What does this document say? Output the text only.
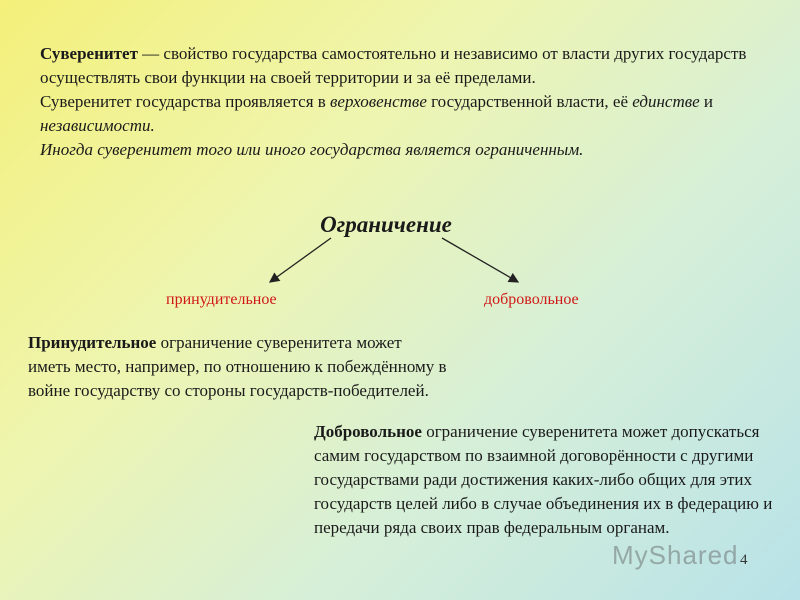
Суверенитет — свойство государства самостоятельно и независимо от власти других государств осуществлять свои функции на своей территории и за её пределами.
Суверенитет государства проявляется в верховенстве государственной власти, её единстве и независимости.
Иногда суверенитет того или иного государства является ограниченным.
Ограничение
принудительное	добровольное
Принудительное ограничение суверенитета может иметь место, например, по отношению к побеждённому в войне государству со стороны государств-победителей.
Добровольное ограничение суверенитета может допускаться самим государством по взаимной договорённости с другими государствами ради достижения каких-либо общих для этих государств целей либо в случае объединения их в федерацию и передачи ряда своих прав федеральным органам.
MyShared 4
